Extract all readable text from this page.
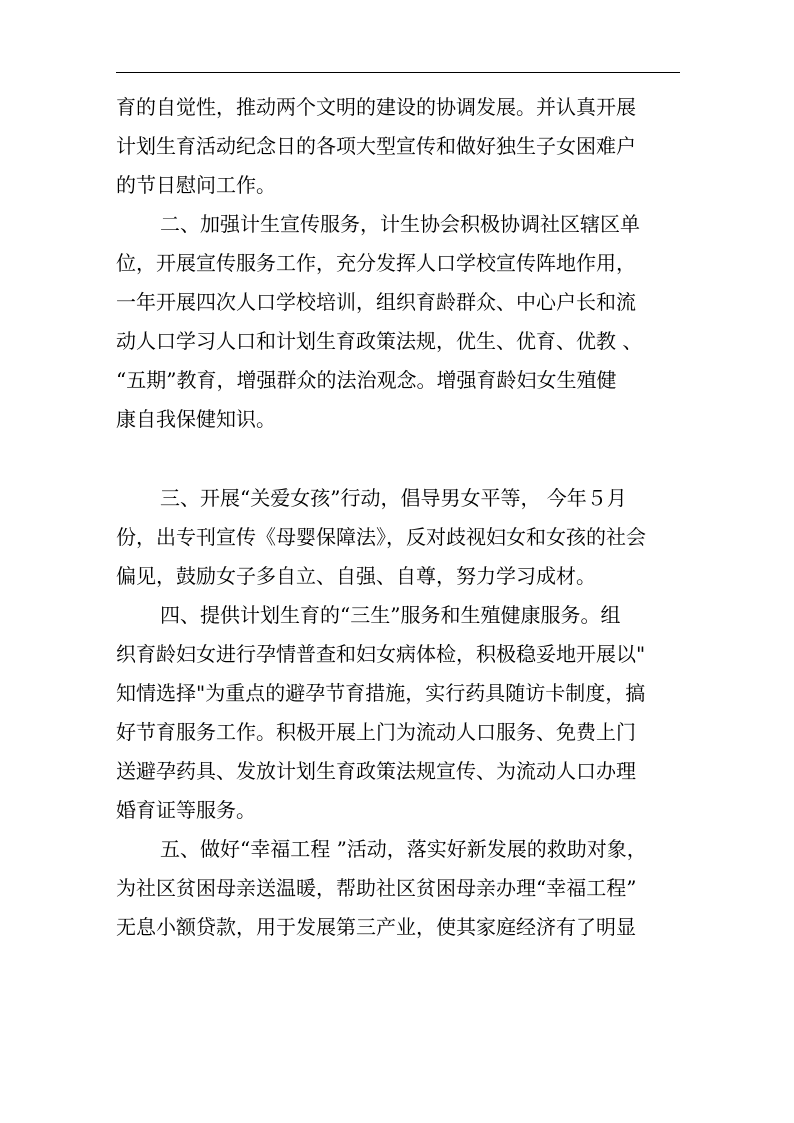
育的自觉性，推动两个文明的建设的协调发展。并认真开展
计划生育活动纪念日的各项大型宣传和做好独生子女困难户
的节日慰问工作。
二、加强计生宣传服务，计生协会积极协调社区辖区单
位，开展宣传服务工作，充分发挥人口学校宣传阵地作用，
一年开展四次人口学校培训，组织育龄群众、中心户长和流
动人口学习人口和计划生育政策法规，优生、优育、优教 、
“五期”教育，增强群众的法治观念。增强育龄妇女生殖健
康自我保健知识。
三、开展“关爱女孩”行动，倡导男女平等， 今年５月
份，出专刊宣传《母婴保障法》，反对歧视妇女和女孩的社会
偏见，鼓励女子多自立、自强、自尊，努力学习成材。
四、提供计划生育的“三生”服务和生殖健康服务。组
织育龄妇女进行孕情普查和妇女病体检，积极稳妥地开展以"
知情选择"为重点的避孕节育措施，实行药具随访卡制度，搞
好节育服务工作。积极开展上门为流动人口服务、免费上门
送避孕药具、发放计划生育政策法规宣传、为流动人口办理
婚育证等服务。
五、做好“幸福工程 ”活动，落实好新发展的救助对象，
为社区贫困母亲送温暖，帮助社区贫困母亲办理“幸福工程”
无息小额贷款，用于发展第三产业，使其家庭经济有了明显
